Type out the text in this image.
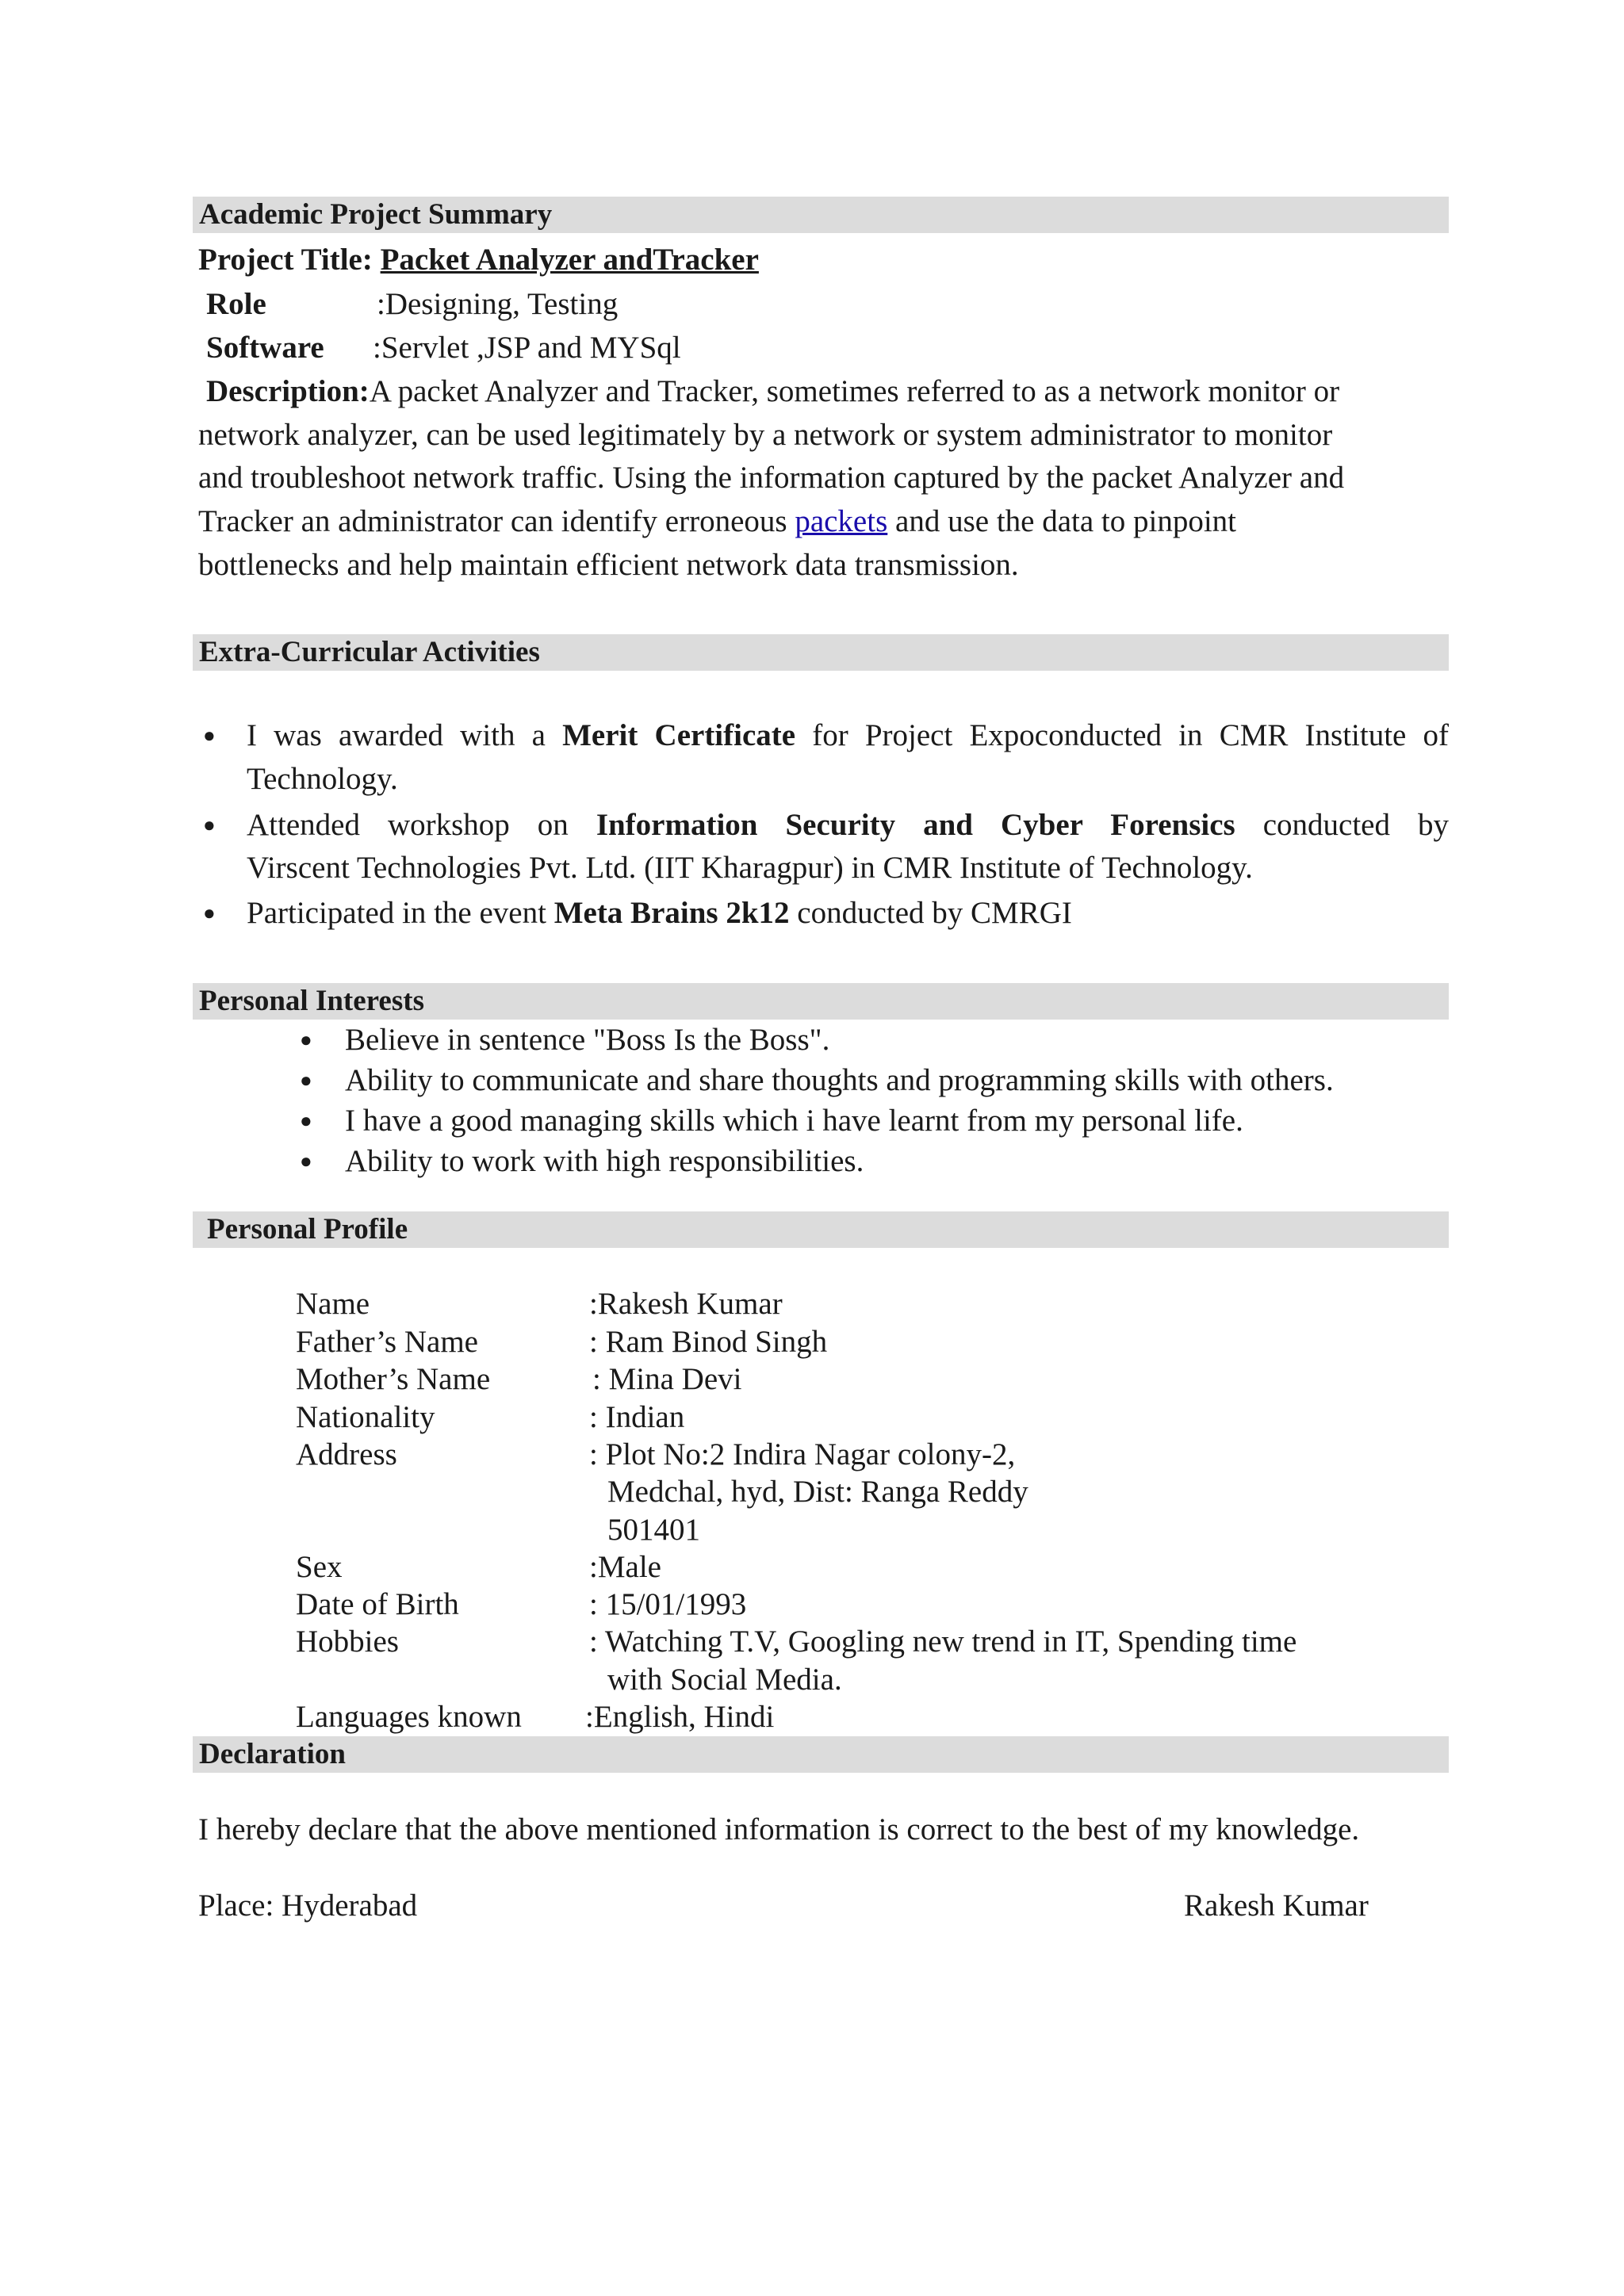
Academic Project Summary
Project Title: Packet Analyzer andTracker
Role	:Designing, Testing
Software :Servlet ,JSP and MYSql
Description:A packet Analyzer and Tracker, sometimes referred to as a network monitor or
network analyzer, can be used legitimately by a network or system administrator to monitor
and troubleshoot network traffic. Using the information captured by the packet Analyzer and
Tracker an administrator can identify erroneous packets and use the data to pinpoint
bottlenecks and help maintain efficient network data transmission.
Extra-Curricular Activities
● I was awarded with a Merit Certificate for Project Expoconducted in CMR Institute of
Technology.
● Attended workshop on Information Security and Cyber Forensics conducted by
Virscent Technologies Pvt. Ltd. (IIT Kharagpur) in CMR Institute of Technology.
● Participated in the event Meta Brains 2k12 conducted by CMRGI
Personal Interests
● Believe in sentence "Boss Is the Boss".
● Ability to communicate and share thoughts and programming skills with others.
● I have a good managing skills which i have learnt from my personal life.
● Ability to work with high responsibilities.
Personal Profile
Name	:Rakesh Kumar
Father’s Name	: Ram Binod Singh
Mother’s Name	: Mina Devi
Nationality	: Indian
Address	: Plot No:2 Indira Nagar colony-2,
Medchal, hyd, Dist: Ranga Reddy
501401
Sex	:Male
Date of Birth	: 15/01/1993
Hobbies	: Watching T.V, Googling new trend in IT, Spending time
with Social Media.
Languages known :English, Hindi
Declaration
I hereby declare that the above mentioned information is correct to the best of my knowledge.
Place: Hyderabad	Rakesh Kumar
